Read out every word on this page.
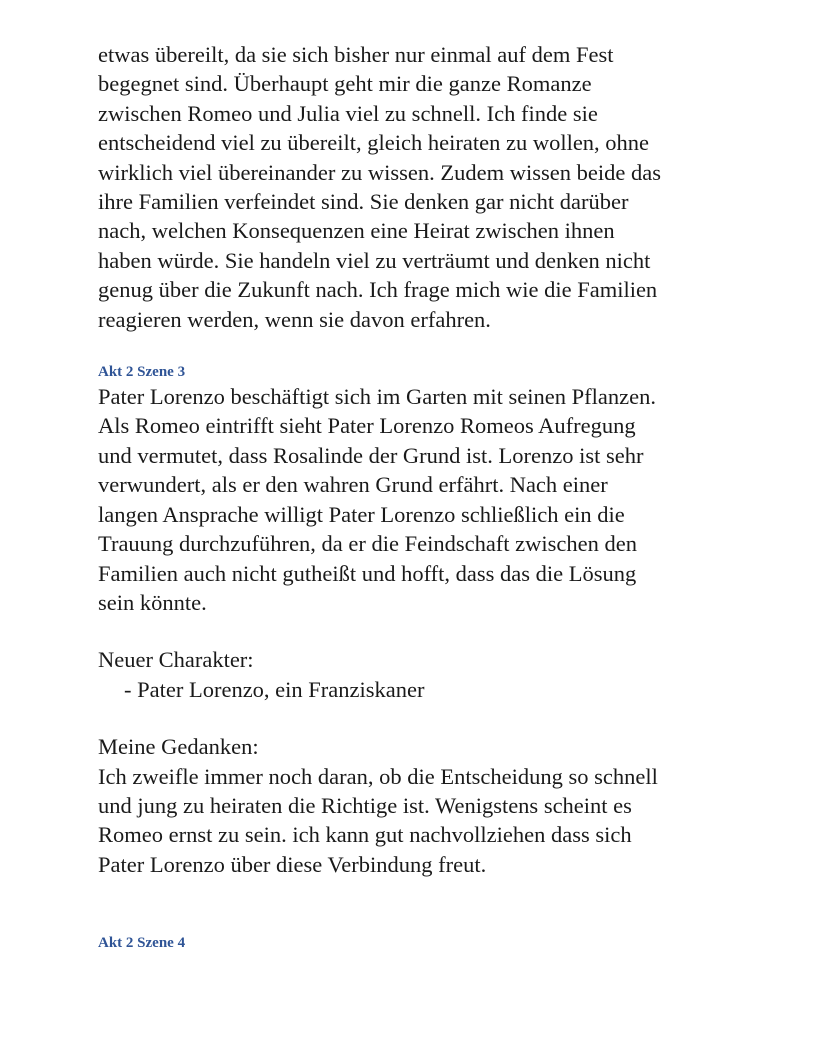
etwas übereilt, da sie sich bisher nur einmal auf dem Fest
begegnet sind. Überhaupt geht mir die ganze Romanze
zwischen Romeo und Julia viel zu schnell. Ich finde sie
entscheidend viel zu übereilt, gleich heiraten zu wollen, ohne
wirklich viel übereinander zu wissen. Zudem wissen beide das
ihre Familien verfeindet sind. Sie denken gar nicht darüber
nach, welchen Konsequenzen eine Heirat zwischen ihnen
haben würde. Sie handeln viel zu verträumt und denken nicht
genug über die Zukunft nach. Ich frage mich wie die Familien
reagieren werden, wenn sie davon erfahren.

Akt 2 Szene 3

Pater Lorenzo beschäftigt sich im Garten mit seinen Pflanzen.
Als Romeo eintrifft sieht Pater Lorenzo Romeos Aufregung
und vermutet, dass Rosalinde der Grund ist. Lorenzo ist sehr
verwundert, als er den wahren Grund erfährt. Nach einer
langen Ansprache willigt Pater Lorenzo schließlich ein die
Trauung durchzuführen, da er die Feindschaft zwischen den
Familien auch nicht gutheißt und hofft, dass das die Lösung
sein könnte.

Neuer Charakter:
- Pater Lorenzo, ein Franziskaner

Meine Gedanken:
Ich zweifle immer noch daran, ob die Entscheidung so schnell
und jung zu heiraten die Richtige ist. Wenigstens scheint es
Romeo ernst zu sein. ich kann gut nachvollziehen dass sich
Pater Lorenzo über diese Verbindung freut.

Akt 2 Szene 4
